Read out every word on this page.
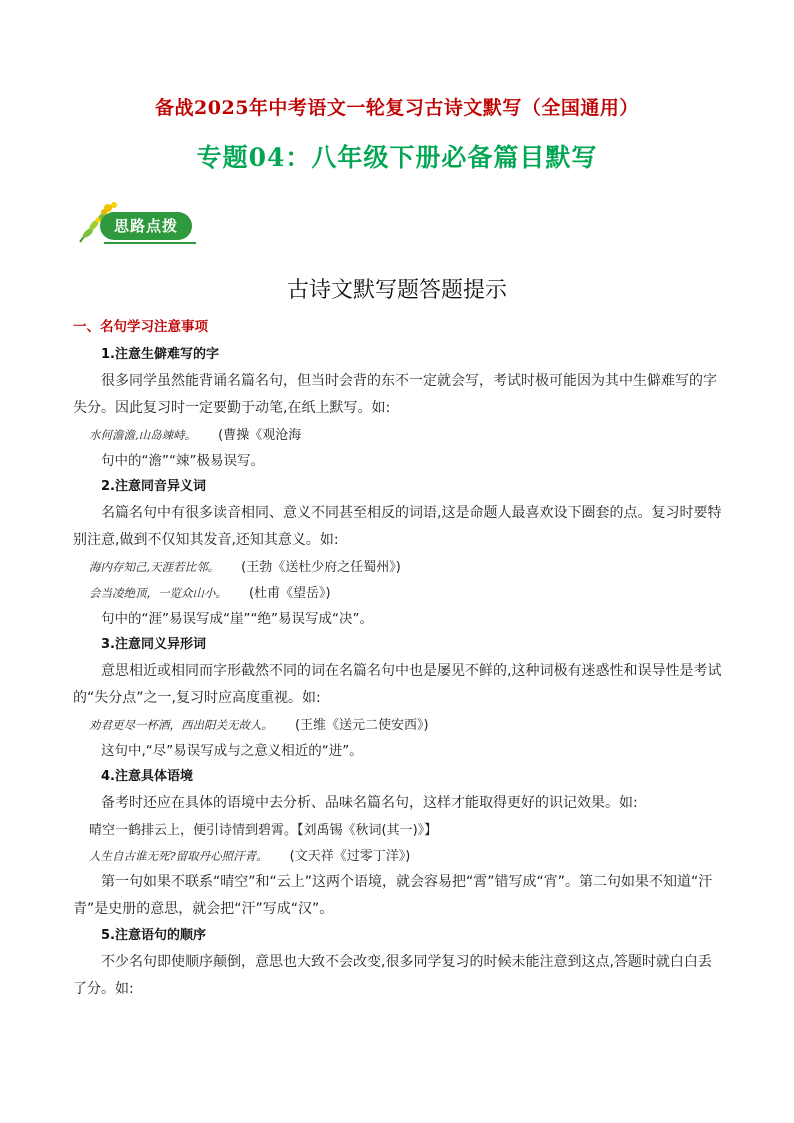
备战2025年中考语文一轮复习古诗文默写（全国通用）
专题04：八年级下册必备篇目默写
思路点拨
古诗文默写题答题提示
一、名句学习注意事项
1.注意生僻难写的字
很多同学虽然能背诵名篇名句，但当时会背的东不一定就会写，考试时极可能因为其中生僻难写的字失分。因此复习时一定要勤于动笔,在纸上默写。如:
水何澹澹,山岛竦峙。 (曹操《观沧海
句中的“澹”“竦”极易误写。
2.注意同音异义词
名篇名句中有很多读音相同、意义不同甚至相反的词语,这是命题人最喜欢设下圈套的点。复习时要特别注意,做到不仅知其发音,还知其意义。如:
海内存知己,天涯若比邻。 (王勃《送杜少府之任蜀州》)
会当凌绝顶，一览众山小。 (杜甫《望岳》)
句中的“涯”易误写成“崖”“绝”易误写成“决”。
3.注意同义异形词
意思相近或相同而字形截然不同的词在名篇名句中也是屡见不鲜的,这种词极有迷惑性和误导性是考试的“失分点”之一,复习时应高度重视。如:
劝君更尽一杯酒，西出阳关无故人。 (王维《送元二使安西》)
这句中,“尽”易误写成与之意义相近的“进”。
4.注意具体语境
备考时还应在具体的语境中去分析、品味名篇名句，这样才能取得更好的识记效果。如:
晴空一鹤排云上，便引诗情到碧霄。【刘禹锡《秋词(其一)》】
人生自古谁无死?留取丹心照汗青。 (文天祥《过零丁洋》)
第一句如果不联系“晴空”和“云上”这两个语境，就会容易把“霄”错写成“宵”。第二句如果不知道“汗青”是史册的意思，就会把“汗”写成“汉”。
5.注意语句的顺序
不少名句即使顺序颠倒，意思也大致不会改变,很多同学复习的时候未能注意到这点,答题时就白白丢了分。如:
